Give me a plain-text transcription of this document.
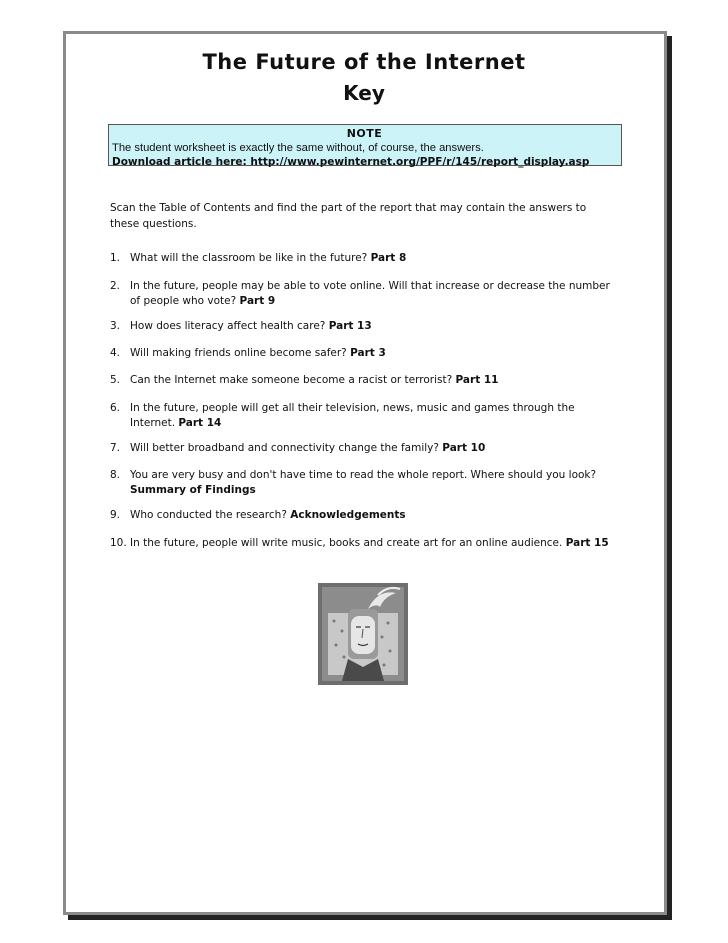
The Future of the Internet
Key
NOTE
The student worksheet is exactly the same without, of course, the answers.
Download article here: http://www.pewinternet.org/PPF/r/145/report_display.asp
Scan the Table of Contents and find the part of the report that may contain the answers to these questions.
1. What will the classroom be like in the future? Part 8
2. In the future, people may be able to vote online. Will that increase or decrease the number of people who vote? Part 9
3. How does literacy affect health care? Part 13
4. Will making friends online become safer? Part 3
5. Can the Internet make someone become a racist or terrorist? Part 11
6. In the future, people will get all their television, news, music and games through the Internet. Part 14
7. Will better broadband and connectivity change the family? Part 10
8. You are very busy and don't have time to read the whole report. Where should you look? Summary of Findings
9. Who conducted the research? Acknowledgements
10. In the future, people will write music, books and create art for an online audience. Part 15
